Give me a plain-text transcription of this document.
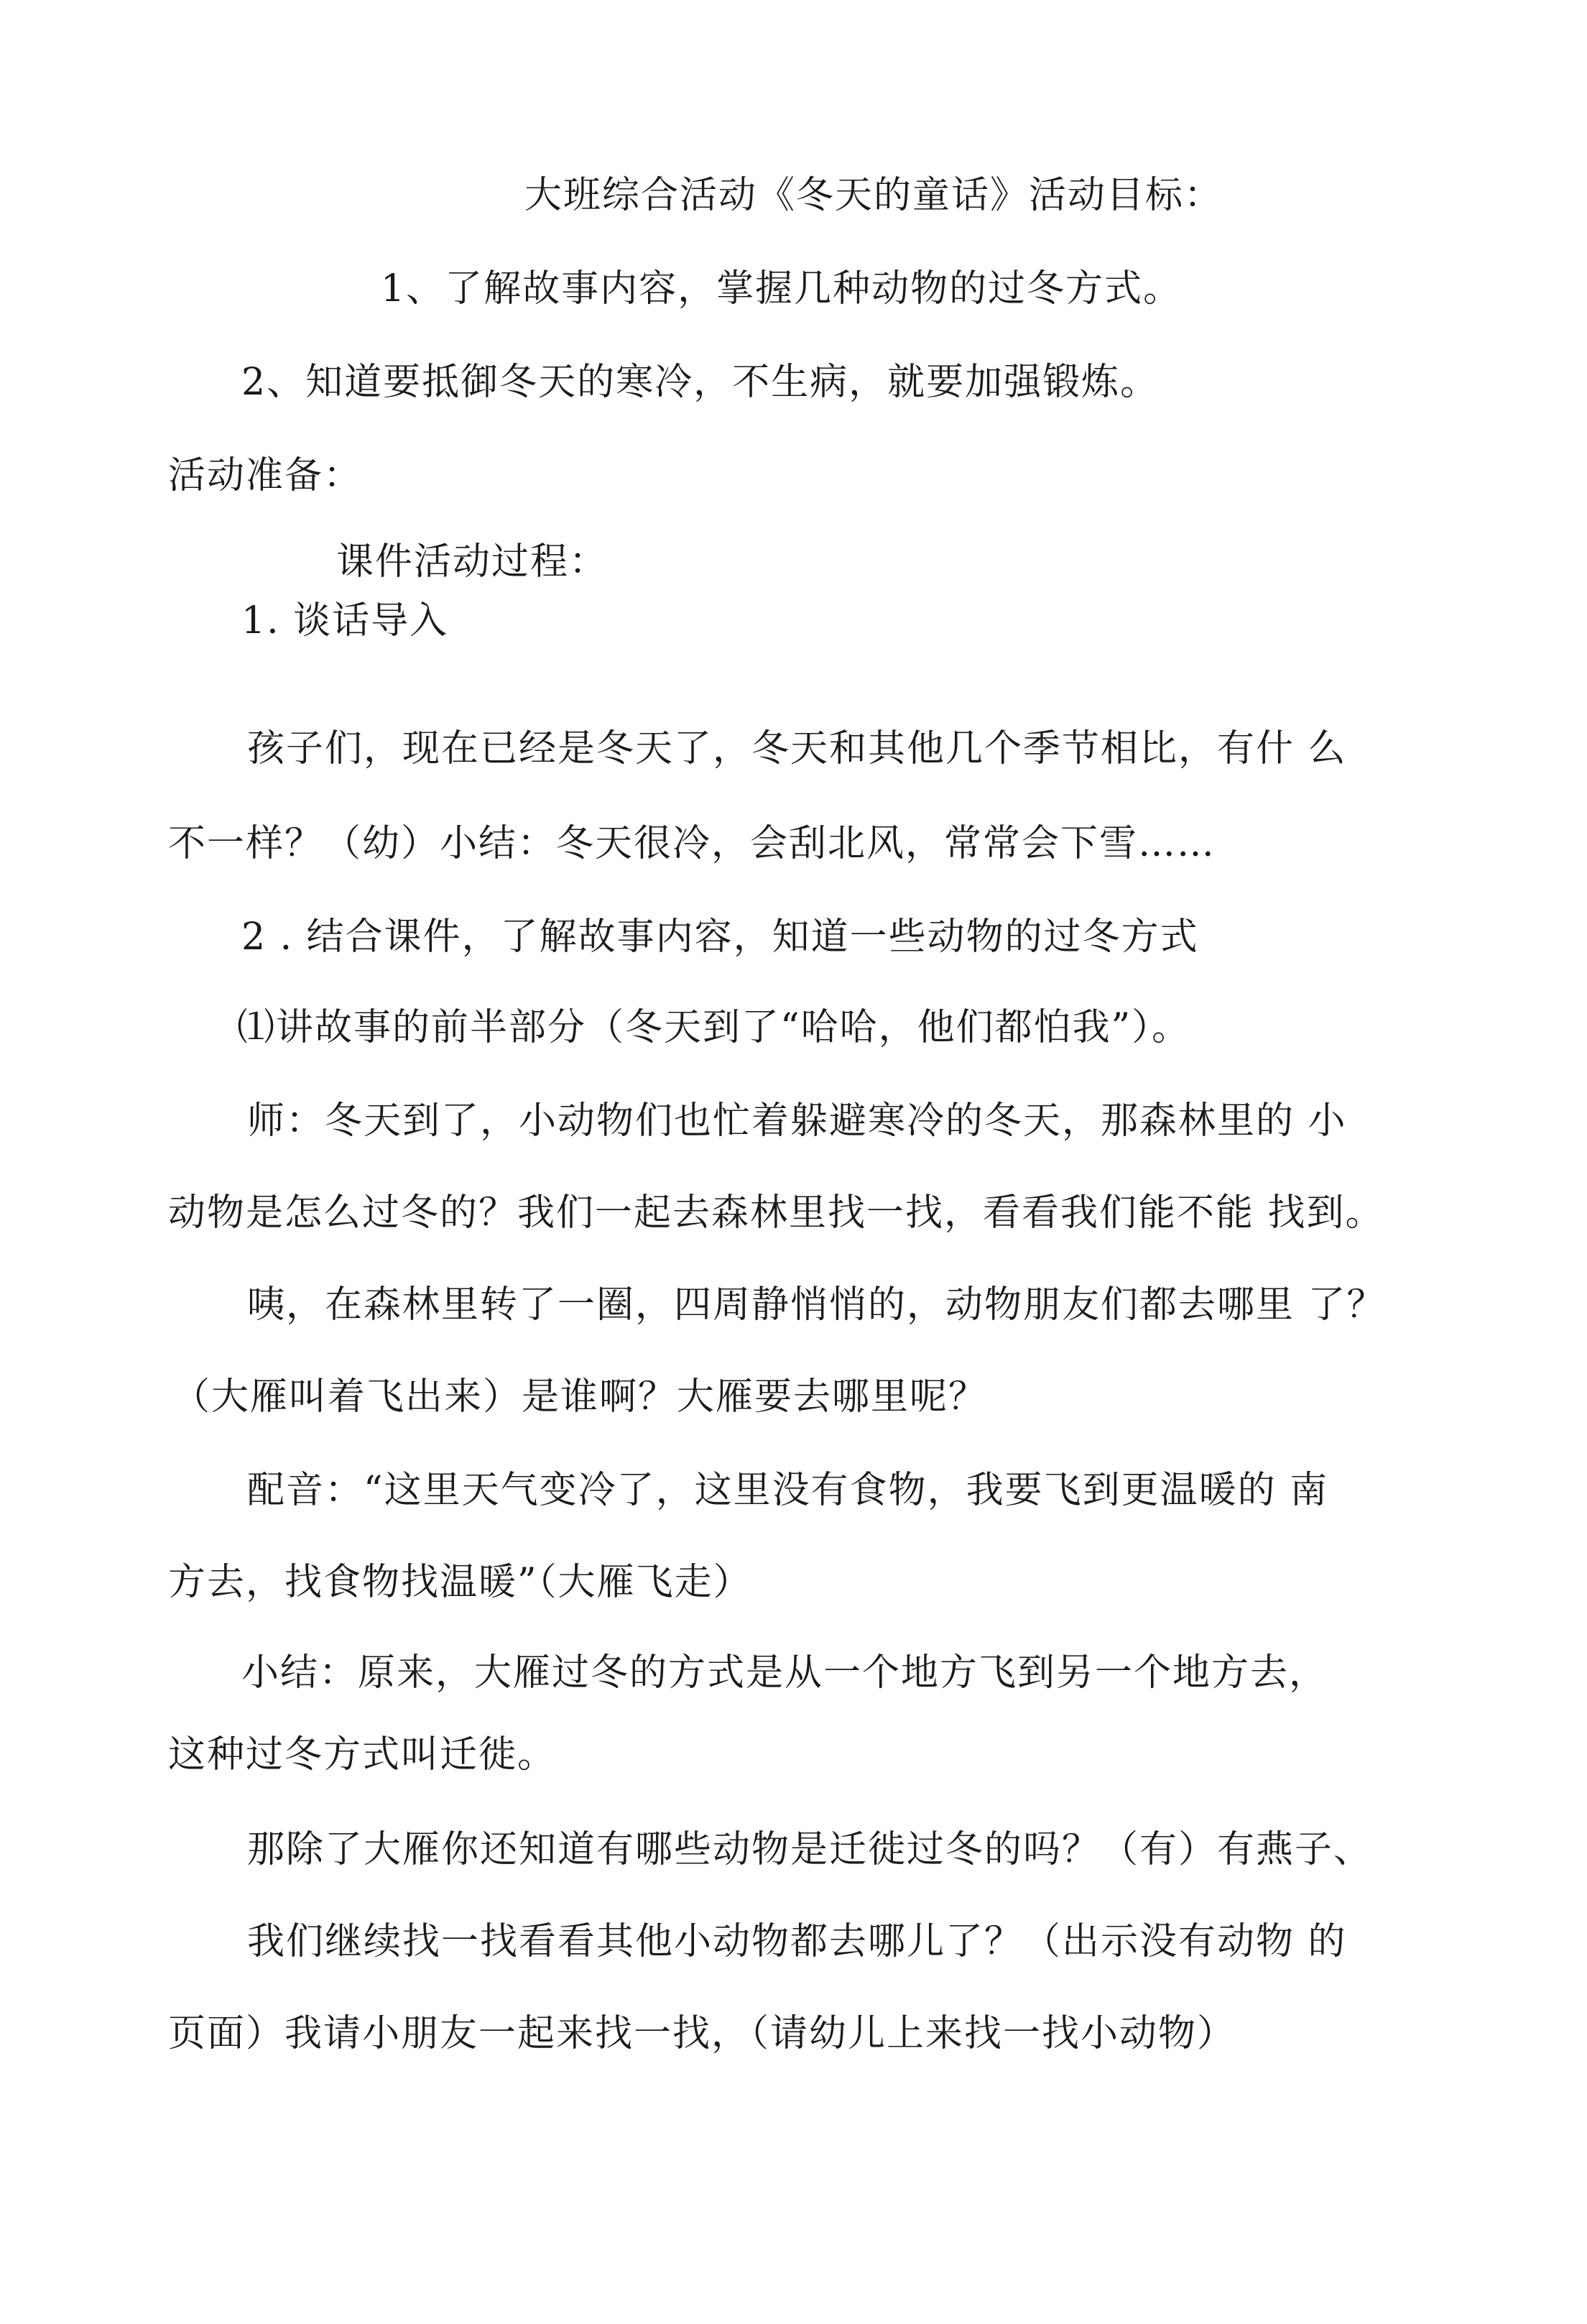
大班综合活动《冬天的童话》活动目标：
1、了解故事内容，掌握几种动物的过冬方式。
2、知道要抵御冬天的寒冷，不生病，就要加强锻炼。
活动准备：
课件活动过程：
1. 谈话导入
孩子们，现在已经是冬天了，冬天和其他几个季节相比，有什 么
不一样？（幼）小结：冬天很冷，会刮北风，常常会下雪……
2 . 结合课件，了解故事内容，知道一些动物的过冬方式
⑴讲故事的前半部分（冬天到了“哈哈，他们都怕我”）。
师：冬天到了，小动物们也忙着躲避寒冷的冬天，那森林里的 小
动物是怎么过冬的？我们一起去森林里找一找，看看我们能不能 找到。
咦，在森林里转了一圈，四周静悄悄的，动物朋友们都去哪里 了？
（大雁叫着飞出来）是谁啊？大雁要去哪里呢？
配音：“这里天气变冷了，这里没有食物，我要飞到更温暖的 南
方去，找食物找温暖”（大雁飞走）
小结：原来，大雁过冬的方式是从一个地方飞到另一个地方去，
这种过冬方式叫迁徙。
那除了大雁你还知道有哪些动物是迁徙过冬的吗？（有）有燕子、
我们继续找一找看看其他小动物都去哪儿了？（出示没有动物 的
页面）我请小朋友一起来找一找，（请幼儿上来找一找小动物）
